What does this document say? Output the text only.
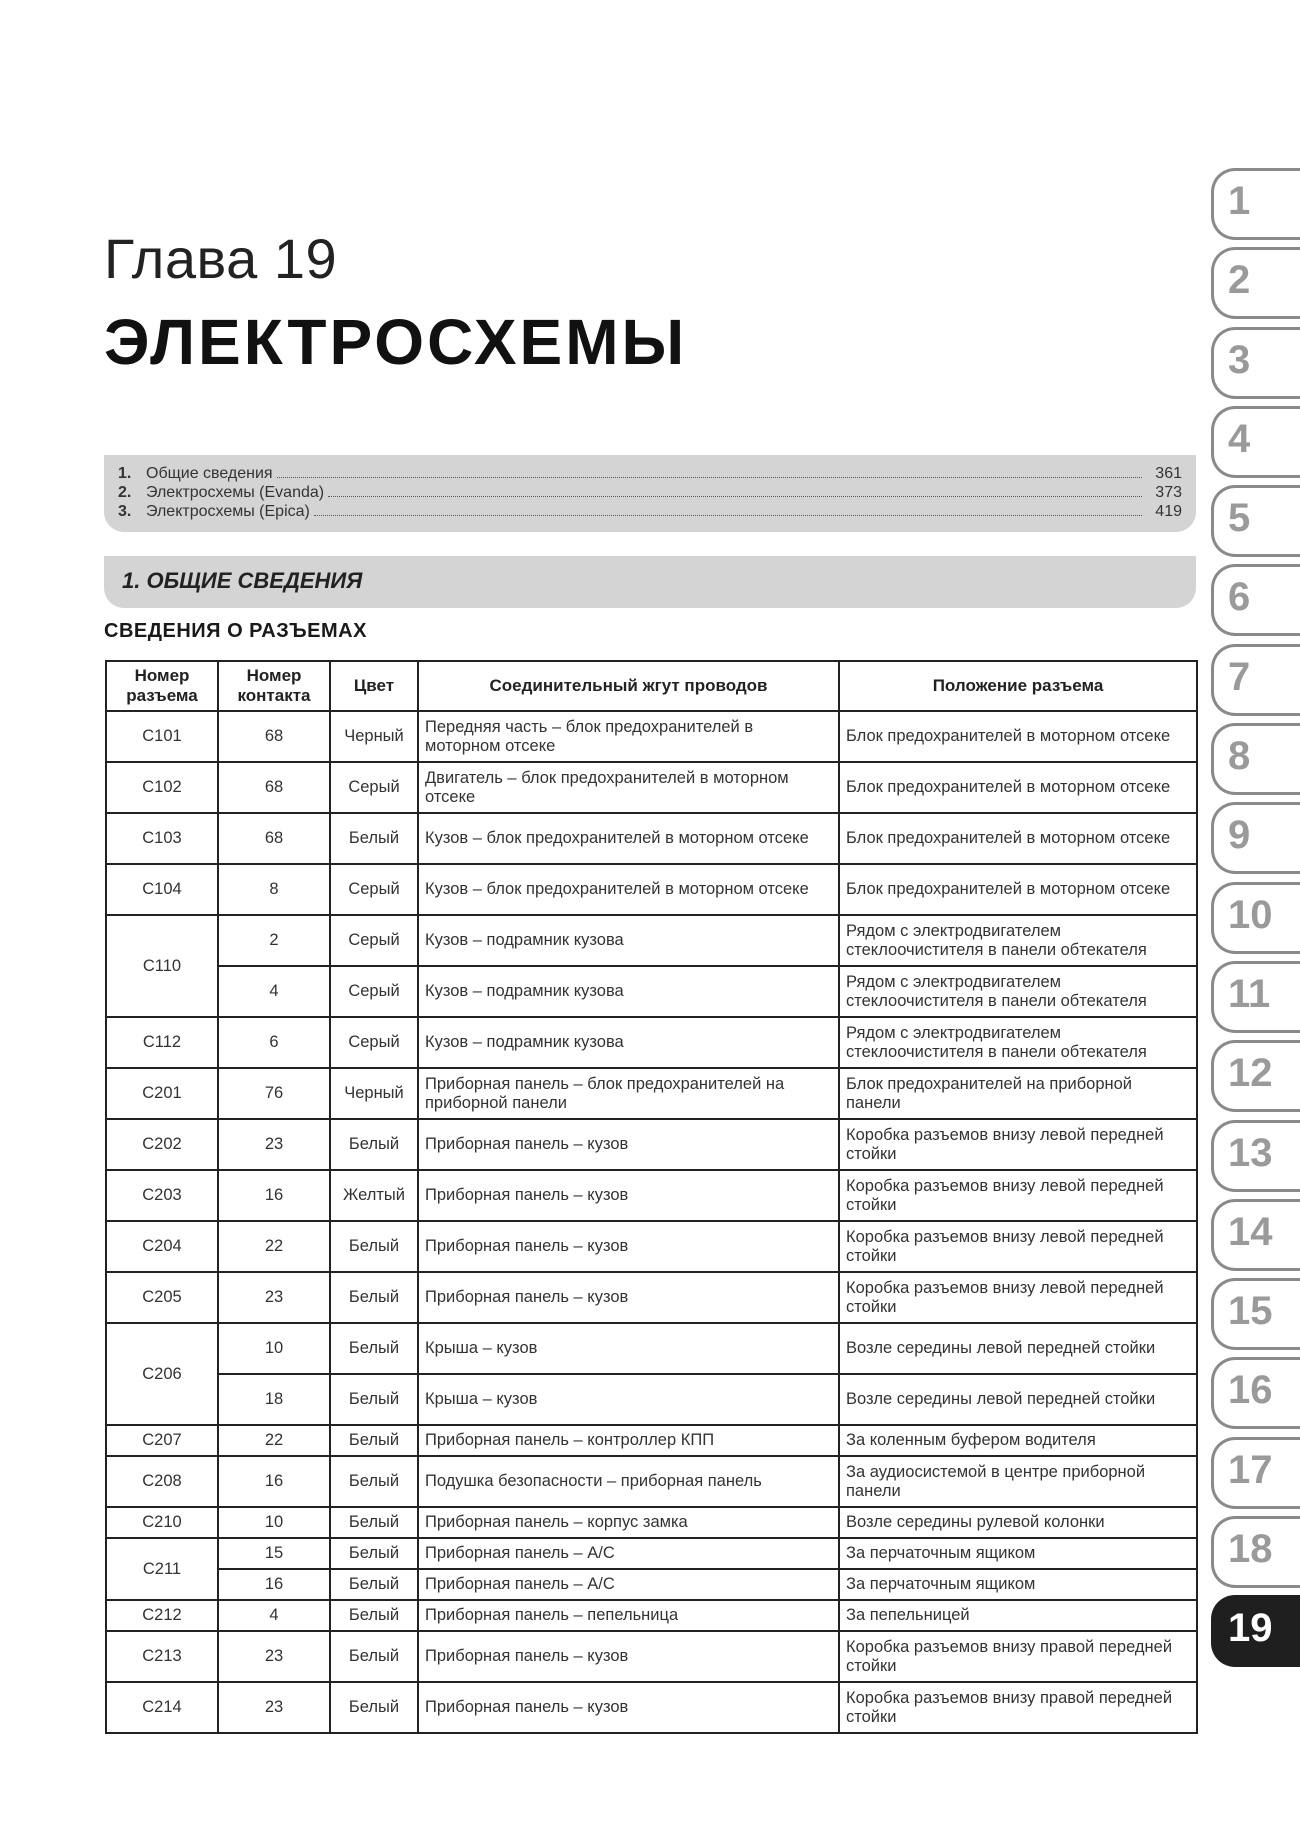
Глава 19
ЭЛЕКТРОСХЕМЫ
1. Общие сведения	361
2. Электросхемы (Evanda)	373
3. Электросхемы (Epica)	419
1. ОБЩИЕ СВЕДЕНИЯ
СВЕДЕНИЯ О РАЗЪЕМАХ
Номер разъема	Номер контакта	Цвет	Соединительный жгут проводов	Положение разъема
C101	68	Черный	Передняя часть – блок предохранителей в моторном отсеке	Блок предохранителей в моторном отсеке
C102	68	Серый	Двигатель – блок предохранителей в моторном отсеке	Блок предохранителей в моторном отсеке
C103	68	Белый	Кузов – блок предохранителей в моторном отсеке	Блок предохранителей в моторном отсеке
C104	8	Серый	Кузов – блок предохранителей в моторном отсеке	Блок предохранителей в моторном отсеке
C110	2	Серый	Кузов – подрамник кузова	Рядом с электродвигателем стеклоочистителя в панели обтекателя
	4	Серый	Кузов – подрамник кузова	Рядом с электродвигателем стеклоочистителя в панели обтекателя
C112	6	Серый	Кузов – подрамник кузова	Рядом с электродвигателем стеклоочистителя в панели обтекателя
C201	76	Черный	Приборная панель – блок предохранителей на приборной панели	Блок предохранителей на приборной панели
C202	23	Белый	Приборная панель – кузов	Коробка разъемов внизу левой передней стойки
C203	16	Желтый	Приборная панель – кузов	Коробка разъемов внизу левой передней стойки
C204	22	Белый	Приборная панель – кузов	Коробка разъемов внизу левой передней стойки
C205	23	Белый	Приборная панель – кузов	Коробка разъемов внизу левой передней стойки
C206	10	Белый	Крыша – кузов	Возле середины левой передней стойки
	18	Белый	Крыша – кузов	Возле середины левой передней стойки
C207	22	Белый	Приборная панель – контроллер КПП	За коленным буфером водителя
C208	16	Белый	Подушка безопасности – приборная панель	За аудиосистемой в центре приборной панели
C210	10	Белый	Приборная панель – корпус замка	Возле середины рулевой колонки
C211	15	Белый	Приборная панель – А/С	За перчаточным ящиком
	16	Белый	Приборная панель – А/С	За перчаточным ящиком
C212	4	Белый	Приборная панель – пепельница	За пепельницей
C213	23	Белый	Приборная панель – кузов	Коробка разъемов внизу правой передней стойки
C214	23	Белый	Приборная панель – кузов	Коробка разъемов внизу правой передней стойки
1
2
3
4
5
6
7
8
9
10
11
12
13
14
15
16
17
18
19
